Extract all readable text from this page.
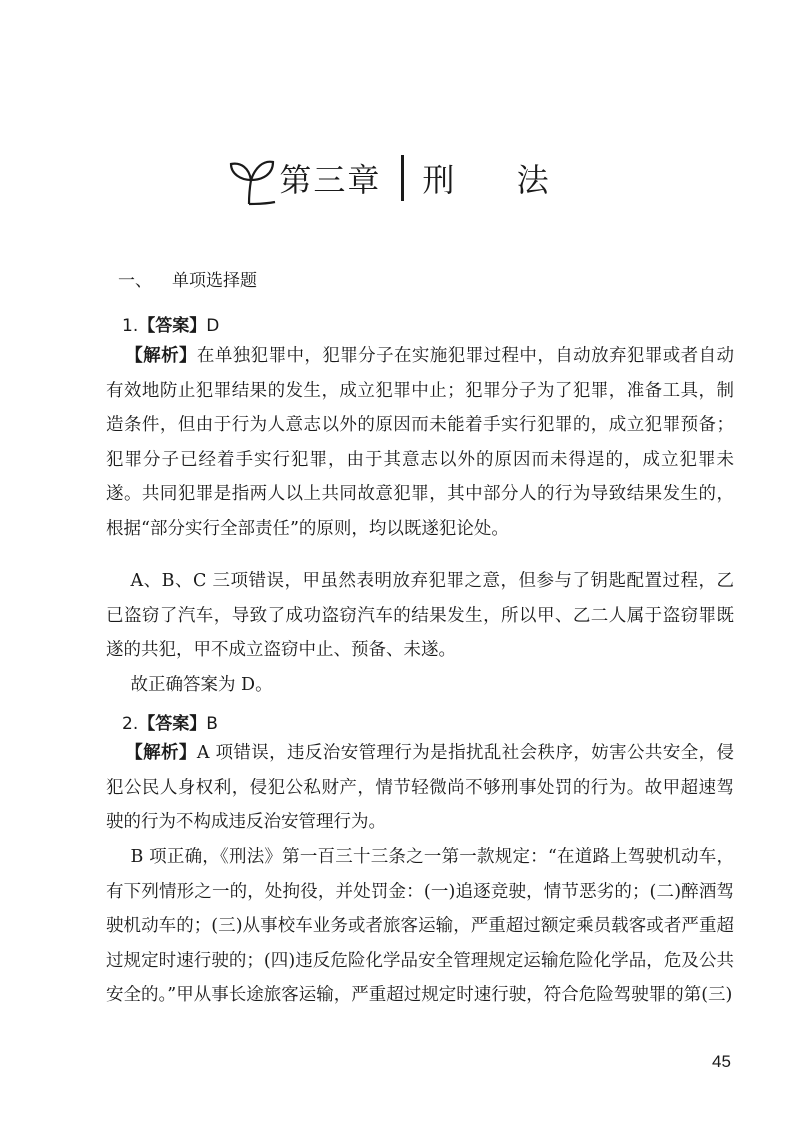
第三章 刑 法
一、 单项选择题
1.【答案】D

【解析】在单独犯罪中，犯罪分子在实施犯罪过程中，自动放弃犯罪或者自动有效地防止犯罪结果的发生，成立犯罪中止；犯罪分子为了犯罪，准备工具，制造条件，但由于行为人意志以外的原因而未能着手实行犯罪的，成立犯罪预备；犯罪分子已经着手实行犯罪，由于其意志以外的原因而未得逞的，成立犯罪未遂。共同犯罪是指两人以上共同故意犯罪，其中部分人的行为导致结果发生的，根据“部分实行全部责任”的原则，均以既遂犯论处。

A、B、C 三项错误，甲虽然表明放弃犯罪之意，但参与了钥匙配置过程，乙已盗窃了汽车，导致了成功盗窃汽车的结果发生，所以甲、乙二人属于盗窃罪既遂的共犯，甲不成立盗窃中止、预备、未遂。

故正确答案为 D。

2.【答案】B

【解析】A 项错误，违反治安管理行为是指扰乱社会秩序，妨害公共安全，侵犯公民人身权利，侵犯公私财产，情节轻微尚不够刑事处罚的行为。故甲超速驾驶的行为不构成违反治安管理行为。

B 项正确，《刑法》第一百三十三条之一第一款规定：“在道路上驾驶机动车，有下列情形之一的，处拘役，并处罚金：(一)追逐竞驶，情节恶劣的；(二)醉酒驾驶机动车的；(三)从事校车业务或者旅客运输，严重超过额定乘员载客或者严重超过规定时速行驶的；(四)违反危险化学品安全管理规定运输危险化学品，危及公共安全的。”甲从事长途旅客运输，严重超过规定时速行驶，符合危险驾驶罪的第(三)

45
